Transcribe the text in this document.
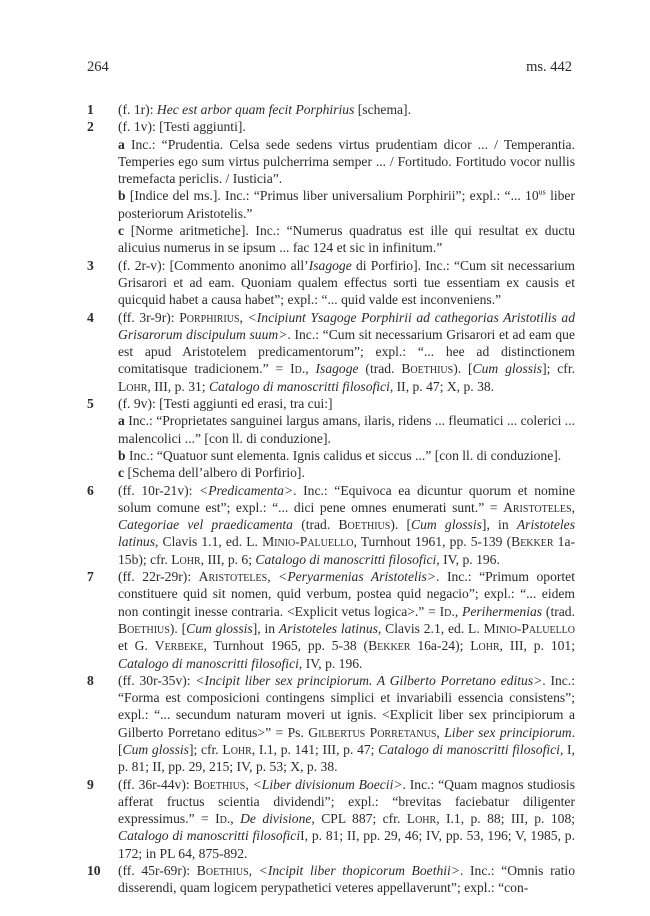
264	ms. 442
1	(f. 1r): Hec est arbor quam fecit Porphirius [schema].

2	(f. 1v): [Testi aggiunti].

a Inc.: “Prudentia. Celsa sede sedens virtus prudentiam dicor ... / Temperantia. Temperies ego sum virtus pulcherrima semper ... / Fortitudo. Fortitudo vocor nullis tremefacta periclis. / Iusticia”.

b [Indice del ms.]. Inc.: “Primus liber universalium Porphirii”; expl.: “... $10^{us}$ liber posteriorum Aristotelis.”

c [Norme aritmetiche]. Inc.: “Numerus quadratus est ille qui resultat ex ductu alicuius numerus in se ipsum ... fac 124 et sic in infinitum.”

3	(f. 2r-v): [Commento anonimo all’Isagoge di Porfirio]. Inc.: “Cum sit necessarium Grisarori et ad eam. Quoniam qualem effectus sorti tue essentiam ex causis et quicquid habet a causa habet”; expl.: “... quid valde est inconveniens.”

4	(ff. 3r-9r): Porphirius, <Incipiunt Ysagoge Porphirii ad cathegorias Aristotilis ad Grisarorum discipulum suum>. Inc.: “Cum sit necessarium Grisarori et ad eam que est apud Aristotelem predicamentorum”; expl.: “... hee ad distinctionem comitatisque tradicionem.” = Id., Isagoge (trad. Boethius). [Cum glossis]; cfr. Lohr, III, p. 31; Catalogo di manoscritti filosofici, II, p. 47; X, p. 38.

5	(f. 9v): [Testi aggiunti ed erasi, tra cui:]

a Inc.: “Proprietates sanguinei largus amans, ilaris, ridens ... fleumatici ... colerici ... malencolici ...” [con ll. di conduzione].

b Inc.: “Quatuor sunt elementa. Ignis calidus et siccus ...” [con ll. di conduzione].

c [Schema dell’albero di Porfirio].

6	(ff. 10r-21v): <Predicamenta>. Inc.: “Equivoca ea dicuntur quorum et nomine solum comune est”; expl.: “... dici pene omnes enumerati sunt.” = Aristoteles, Categoriae vel praedicamenta (trad. Boethius). [Cum glossis], in Aristoteles latinus, Clavis 1.1, ed. L. Minio-Paluello, Turnhout 1961, pp. 5-139 (Bekker 1a-15b); cfr. Lohr, III, p. 6; Catalogo di manoscritti filosofici, IV, p. 196.

7	(ff. 22r-29r): Aristoteles, <Peryarmenias Aristotelis>. Inc.: “Primum oportet constituere quid sit nomen, quid verbum, postea quid negacio”; expl.: “... eidem non contingit inesse contraria. <Explicit vetus logica>.” = Id., Perihermenias (trad. Boethius). [Cum glossis], in Aristoteles latinus, Clavis 2.1, ed. L. Minio-Paluello et G. Verbeke, Turnhout 1965, pp. 5-38 (Bekker 16a-24); Lohr, III, p. 101; Catalogo di manoscritti filosofici, IV, p. 196.

8	(ff. 30r-35v): <Incipit liber sex principiorum. A Gilberto Porretano editus>. Inc.: “Forma est composicioni contingens simplici et invariabili essencia consistens”; expl.: “... secundum naturam moveri ut ignis. <Explicit liber sex principiorum a Gilberto Porretano editus>” = Ps. Gilbertus Porretanus, Liber sex principiorum. [Cum glossis]; cfr. Lohr, I.1, p. 141; III, p. 47; Catalogo di manoscritti filosofici, I, p. 81; II, pp. 29, 215; IV, p. 53; X, p. 38.

9	(ff. 36r-44v): Boethius, <Liber divisionum Boecii>. Inc.: “Quam magnos studiosis afferat fructus scientia dividendi”; expl.: “brevitas faciebatur diligenter expressimus.” = Id., De divisione, CPL 887; cfr. Lohr, I.1, p. 88; III, p. 108; Catalogo di manoscritti filosoficiI, p. 81; II, pp. 29, 46; IV, pp. 53, 196; V, 1985, p. 172; in PL 64, 875-892.

10	(ff. 45r-69r): Boethius, <Incipit liber thopicorum Boethii>. Inc.: “Omnis ratio disserendi, quam logicem perypathetici veteres appellaverunt”; expl.: “con-
